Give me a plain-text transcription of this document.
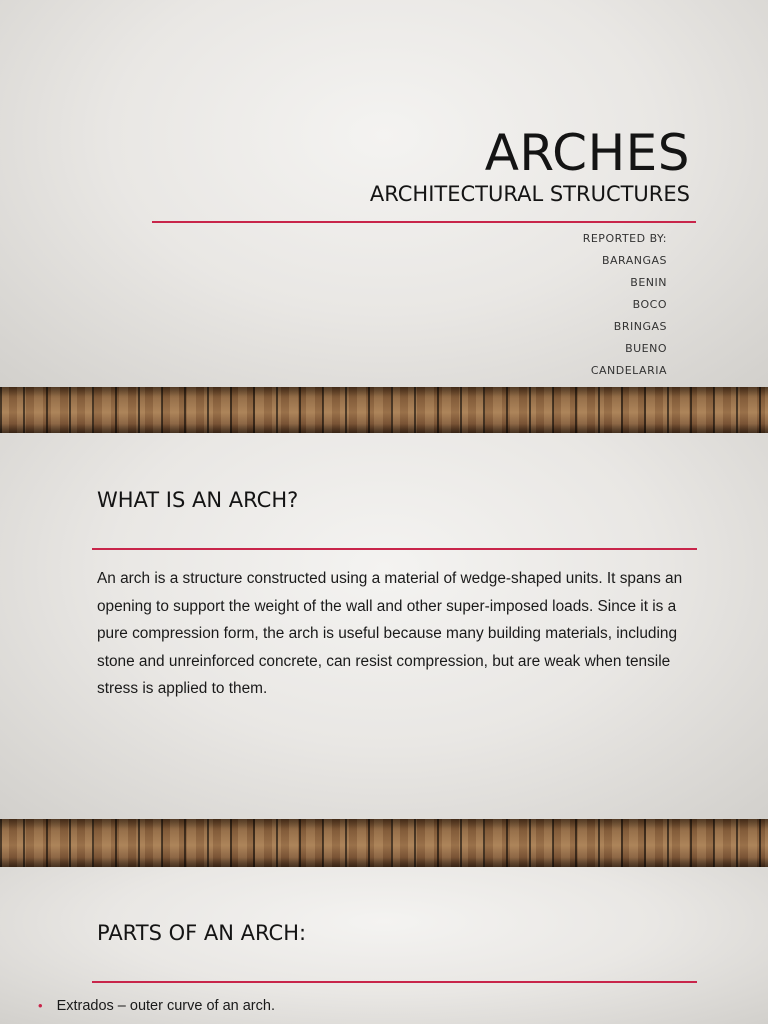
ARCHES
ARCHITECTURAL STRUCTURES
REPORTED BY:
BARANGAS
BENIN
BOCO
BRINGAS
BUENO
CANDELARIA
WHAT IS AN ARCH?
An arch is a structure constructed using a material of wedge-shaped units. It spans an opening to support the weight of the wall and other super-imposed loads. Since it is a pure compression form, the arch is useful because many building materials, including stone and unreinforced concrete, can resist compression, but are weak when tensile stress is applied to them.
PARTS OF AN ARCH:
• Extrados – outer curve of an arch.
